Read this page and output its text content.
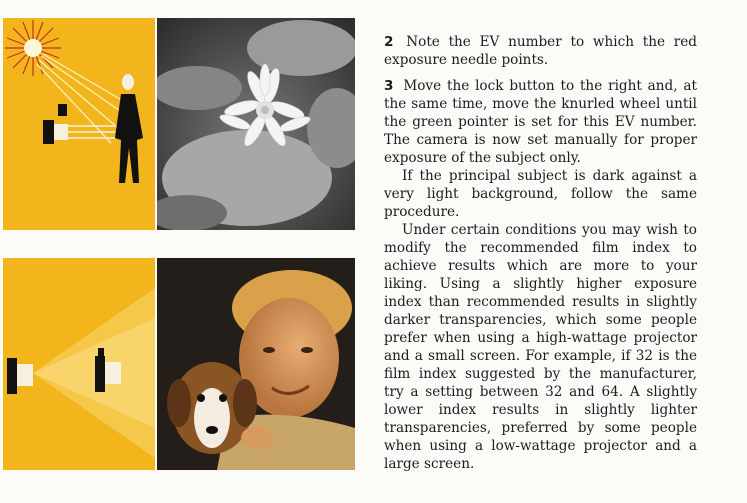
2 Note the EV number to which the red exposure needle points.

3 Move the lock button to the right and, at the same time, move the knurled wheel until the green pointer is set for this EV number. The camera is now set manually for proper exposure of the subject only.

If the principal subject is dark against a very light background, follow the same procedure.

Under certain conditions you may wish to modify the recommended film index to achieve results which are more to your liking. Using a slightly higher exposure index than recommended results in slightly darker transparencies, which some people prefer when using a high-wattage projector and a small screen. For example, if 32 is the film index suggested by the manufacturer, try a setting between 32 and 64. A slightly lower index results in slightly lighter transparencies, preferred by some people when using a low-wattage projector and a large screen.
